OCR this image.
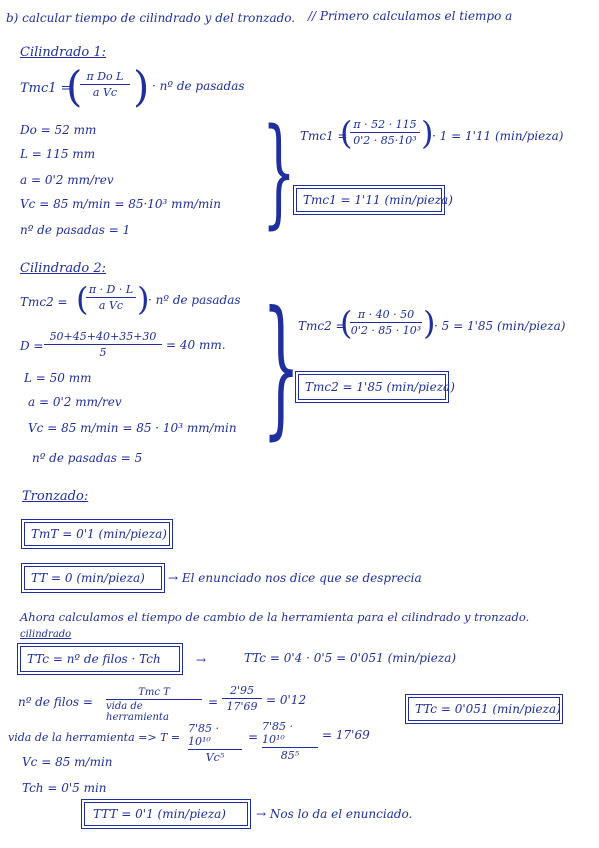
b) calcular tiempo de cilindrado y del tronzado. // Primero calculamos el tiempo a
Cilindrado 1:
Tmc1 =
( π Do L
a Vc ) · nº de pasadas
Do = 52 mm
L = 115 mm
a = 0'2 mm/rev
Vc = 85 m/min = 85·10³ mm/min
nº de pasadas = 1 } Tmc1 =
( π · 52 · 115
0'2 · 85·10³ )
· 1 = 1'11 (min/pieza)
Tmc1 = 1'11 (min/pieza)
Cilindrado 2:
Tmc2 = ( π · D · L
a Vc )
· nº de pasadas
D =
50+45+40+35+30
5
= 40 mm.
L = 50 mm
a = 0'2 mm/rev
Vc = 85 m/min = 85 · 10³ mm/min
nº de pasadas = 5
}
Tmc2 =
( π · 40 · 50
0'2 · 85 · 10³ )
· 5 = 1'85 (min/pieza)
Tmc2 = 1'85 (min/pieza)
Tronzado:
TmT = 0'1 (min/pieza)
TT = 0 (min/pieza) → El enunciado nos dice que se desprecia
Ahora calculamos el tiempo de cambio de la herramienta para el cilindrado y tronzado.
cilindrado
TTc = nº de filos · Tch	→	TTc = 0'4 · 0'5 = 0'051 (min/pieza)
nº de filos =
Tmc T
vida de herramienta
=
2'95
17'69 = 0'12
TTc = 0'051 (min/pieza)
vida de la herramienta => T =
7'85 · 10¹⁰
Vc⁵
=
7'85 · 10¹⁰
85⁵
= 17'69
Vc = 85 m/min
Tch = 0'5 min
TTT = 0'1 (min/pieza)	→ Nos lo da el enunciado.
